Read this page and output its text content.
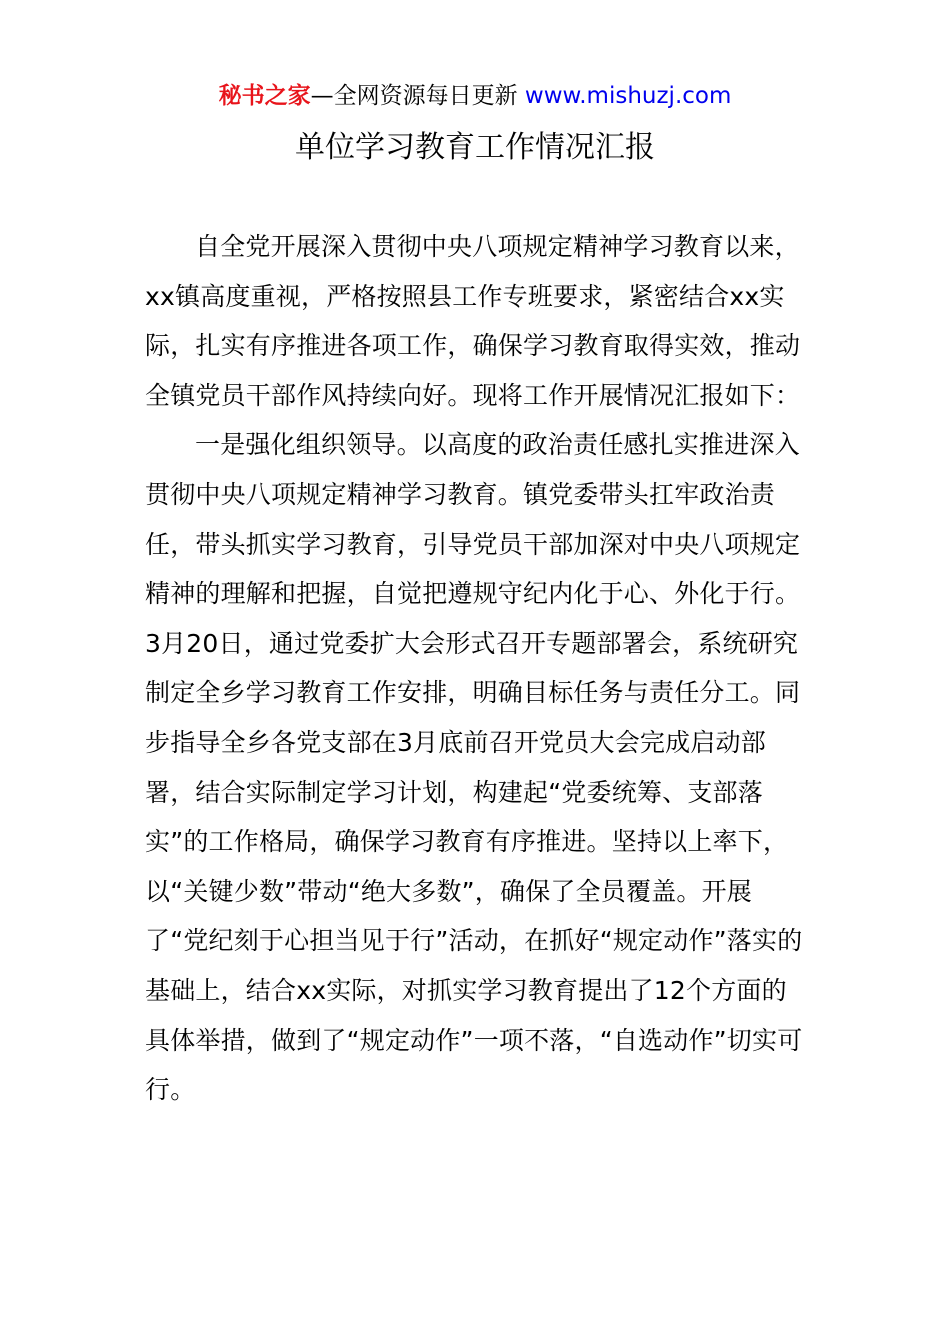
秘书之家—全网资源每日更新 www.mishuzj.com
单位学习教育工作情况汇报

自全党开展深入贯彻中央八项规定精神学习教育以来，xx镇高度重视，严格按照县工作专班要求，紧密结合xx实际，扎实有序推进各项工作，确保学习教育取得实效，推动全镇党员干部作风持续向好。现将工作开展情况汇报如下：

一是强化组织领导。以高度的政治责任感扎实推进深入贯彻中央八项规定精神学习教育。镇党委带头扛牢政治责任，带头抓实学习教育，引导党员干部加深对中央八项规定精神的理解和把握，自觉把遵规守纪内化于心、外化于行。3月20日，通过党委扩大会形式召开专题部署会，系统研究制定全乡学习教育工作安排，明确目标任务与责任分工。同步指导全乡各党支部在3月底前召开党员大会完成启动部署，结合实际制定学习计划，构建起“党委统筹、支部落实”的工作格局，确保学习教育有序推进。坚持以上率下，以“关键少数”带动“绝大多数”，确保了全员覆盖。开展了“党纪刻于心担当见于行”活动，在抓好“规定动作”落实的基础上，结合xx实际，对抓实学习教育提出了12个方面的具体举措，做到了“规定动作”一项不落，“自选动作”切实可行。
